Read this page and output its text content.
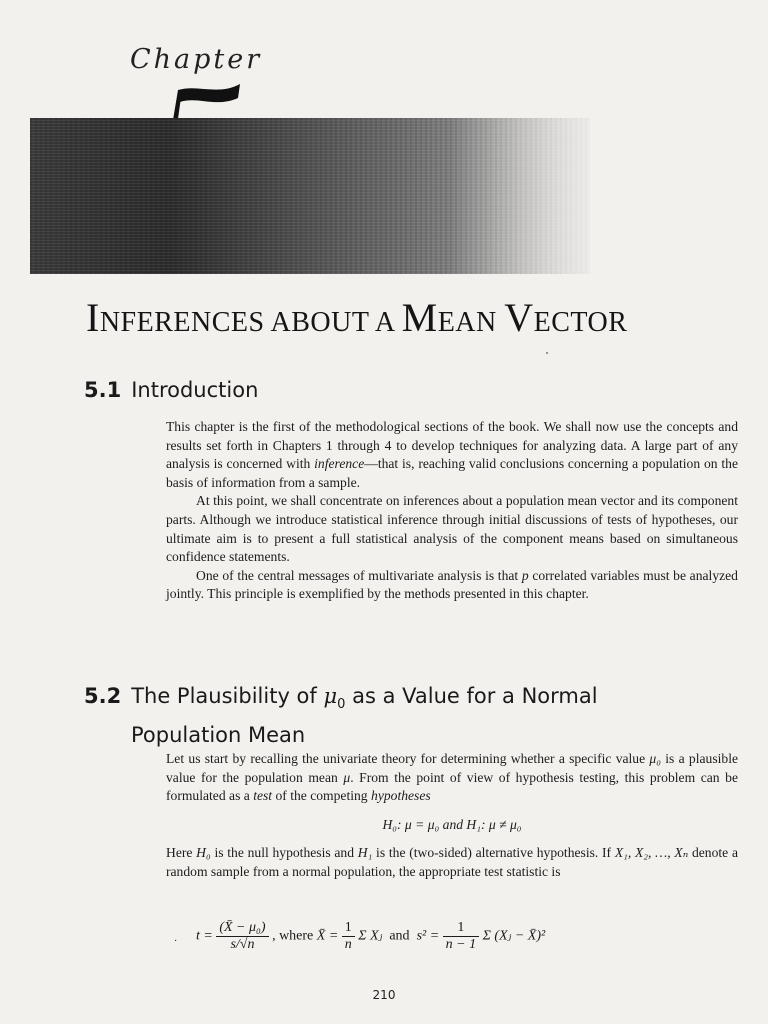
Chapter
INFERENCES ABOUT A MEAN VECTOR
5.1 Introduction

This chapter is the first of the methodological sections of the book. We shall now use the concepts and results set forth in Chapters 1 through 4 to develop techniques for analyzing data. A large part of any analysis is concerned with inference—that is, reaching valid conclusions concerning a population on the basis of information from a sample.

At this point, we shall concentrate on inferences about a population mean vector and its component parts. Although we introduce statistical inference through initial discussions of tests of hypotheses, our ultimate aim is to present a full statistical analysis of the component means based on simultaneous confidence statements.

One of the central messages of multivariate analysis is that p correlated variables must be analyzed jointly. This principle is exemplified by the methods presented in this chapter.

5.2 The Plausibility of $\mu_0$ as a Value for a Normal
Population Mean

Let us start by recalling the univariate theory for determining whether a specific value μ₀ is a plausible value for the population mean μ. From the point of view of hypothesis testing, this problem can be formulated as a test of the competing hypotheses

H₀: μ = μ₀ and H₁: μ ≠ μ₀

Here H₀ is the null hypothesis and H₁ is the (two-sided) alternative hypothesis. If X₁, X₂, …, Xₙ denote a random sample from a normal population, the appropriate test statistic is

· $t = \frac{\text{(X̄ − μ₀)}}{s/√n}$ , where X̄ = $\frac{1}{n}$ Σ Xⱼ and $s^2 = \frac{1}{n - 1}$ Σ (Xⱼ − X̄)²
210
